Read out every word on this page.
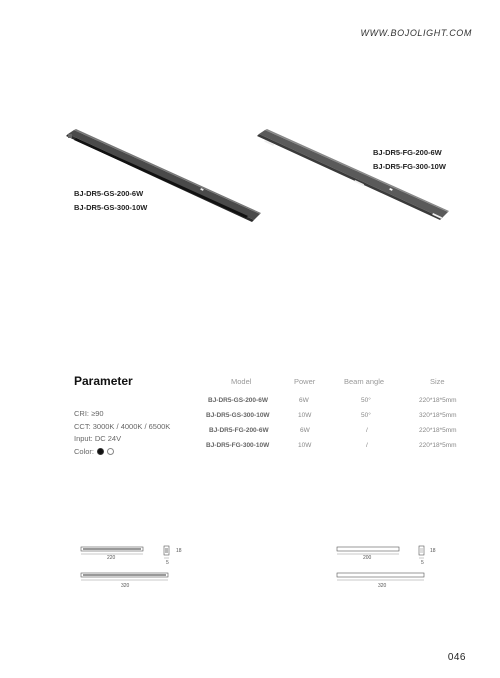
WWW.BOJOLIGHT.COM
BJ-DR5-GS-200-6W
BJ-DR5-GS-300-10W
BJ-DR5-FG-200-6W
BJ-DR5-FG-300-10W
Parameter
CRI: ≥90
CCT: 3000K / 4000K / 6500K
Input: DC 24V
Color:
Model	Power	Beam angle	Size
BJ-DR5-GS-200-6W	6W	50°	220*18*5mm
BJ-DR5-GS-300-10W	10W	50°	320*18*5mm
BJ-DR5-FG-200-6W	6W	/	220*18*5mm
BJ-DR5-FG-300-10W	10W	/	220*18*5mm
220
18
5
320
200
18
5
320
046
